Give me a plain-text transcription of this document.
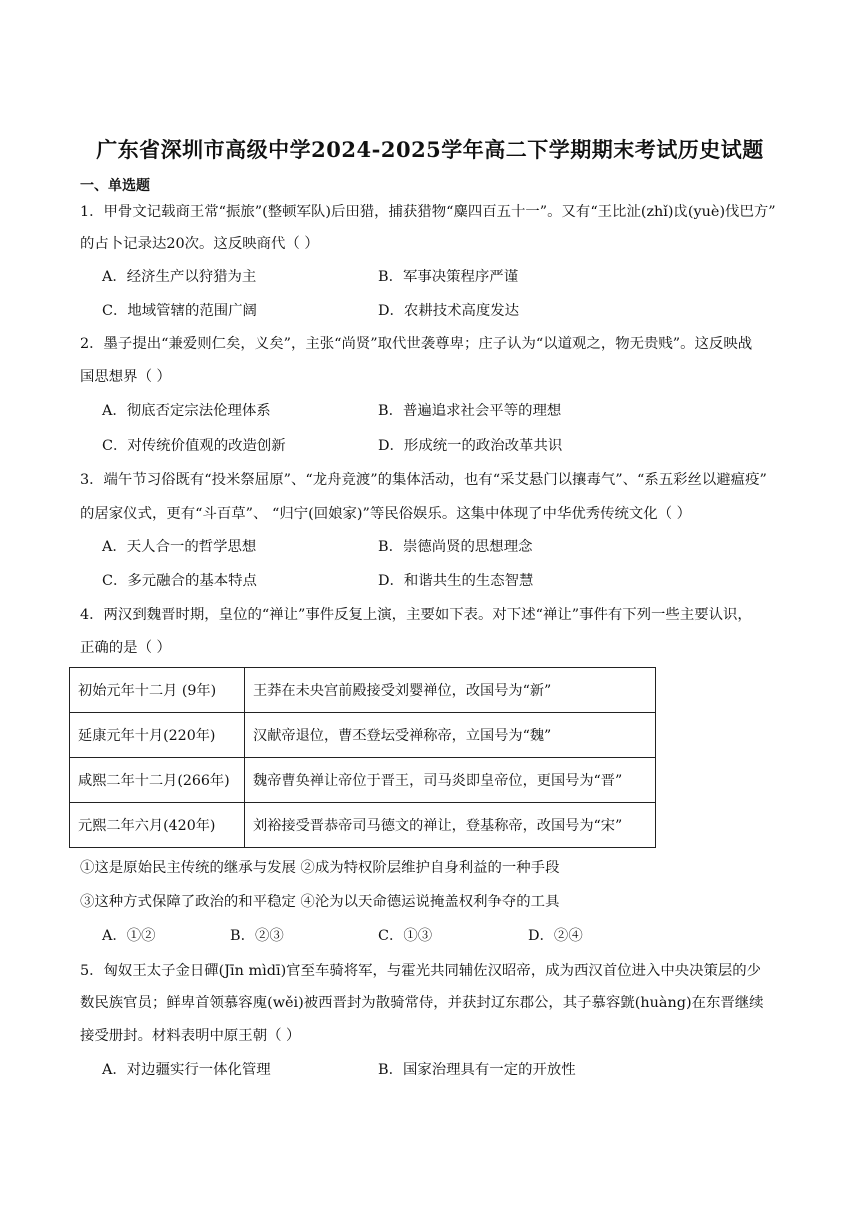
广东省深圳市高级中学2024-2025学年高二下学期期末考试历史试题
一、单选题
1．甲骨文记载商王常“振旅”(整顿军队)后田猎，捕获猎物“麋四百五十一”。又有“王比沚(zhǐ)戉(yuè)伐巴方”
的占卜记录达20次。这反映商代（ ）
A．经济生产以狩猎为主	B．军事决策程序严谨
C．地域管辖的范围广阔	D．农耕技术高度发达
2．墨子提出“兼爱则仁矣，义矣”，主张“尚贤”取代世袭尊卑；庄子认为“以道观之，物无贵贱”。这反映战
国思想界（ ）
A．彻底否定宗法伦理体系	B．普遍追求社会平等的理想
C．对传统价值观的改造创新	D．形成统一的政治改革共识
3．端午节习俗既有“投米祭屈原”、“龙舟竞渡”的集体活动，也有“采艾悬门以攘毒气”、“系五彩丝以避瘟疫”
的居家仪式，更有“斗百草”、 “归宁(回娘家)”等民俗娱乐。这集中体现了中华优秀传统文化（ ）
A．天人合一的哲学思想	B．崇德尚贤的思想理念
C．多元融合的基本特点	D．和谐共生的生态智慧
4．两汉到魏晋时期，皇位的“禅让”事件反复上演，主要如下表。对下述“禅让”事件有下列一些主要认识，
正确的是（ ）
初始元年十二月 (9年)	王莽在未央宫前殿接受刘婴禅位，改国号为“新”
延康元年十月(220年)	汉献帝退位，曹丕登坛受禅称帝，立国号为“魏”
咸熙二年十二月(266年)	魏帝曹奂禅让帝位于晋王，司马炎即皇帝位，更国号为“晋”
元熙二年六月(420年)	刘裕接受晋恭帝司马德文的禅让，登基称帝，改国号为“宋”
①这是原始民主传统的继承与发展 ②成为特权阶层维护自身利益的一种手段
③这种方式保障了政治的和平稳定 ④沦为以天命德运说掩盖权利争夺的工具
A．①②	B．②③	C．①③	D．②④
5．匈奴王太子金日磾(Jīn mìdī)官至车骑将军，与霍光共同辅佐汉昭帝，成为西汉首位进入中央决策层的少
数民族官员；鲜卑首领慕容廆(wěi)被西晋封为散骑常侍，并获封辽东郡公，其子慕容皝(huàng)在东晋继续
接受册封。材料表明中原王朝（ ）
A．对边疆实行一体化管理	B．国家治理具有一定的开放性
